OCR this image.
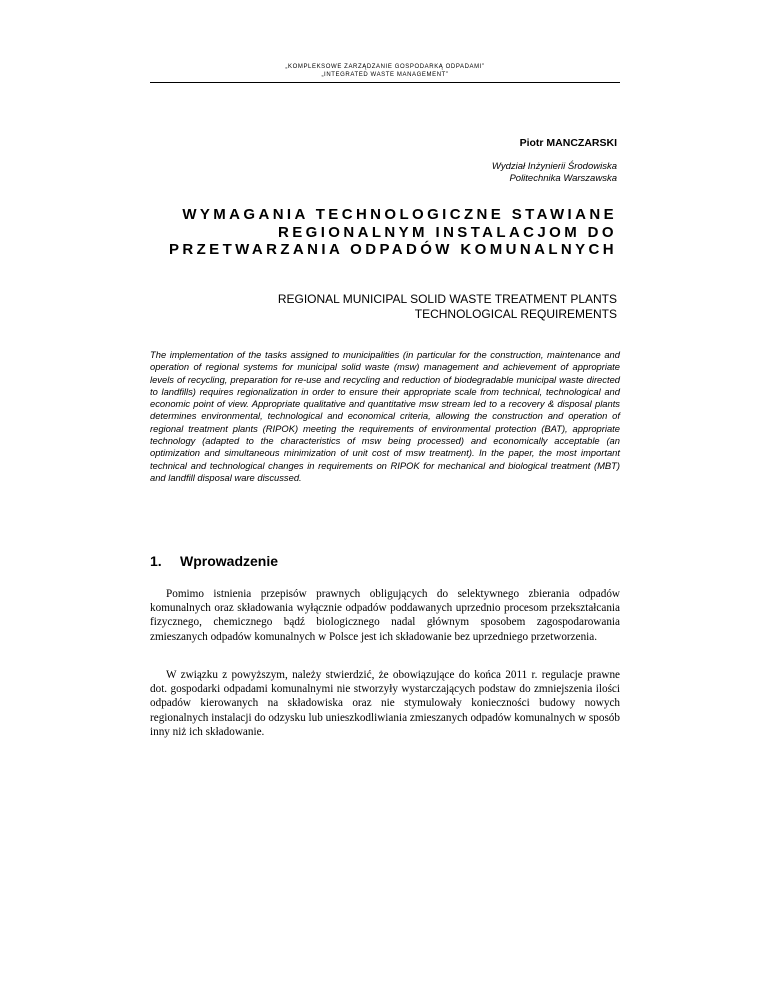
„KOMPLEKSOWE ZARZĄDZANIE GOSPODARKĄ ODPADAMI”
„INTEGRATED WASTE MANAGEMENT”
Piotr MANCZARSKI
Wydział Inżynierii Środowiska
Politechnika Warszawska
WYMAGANIA TECHNOLOGICZNE STAWIANE
REGIONALNYM INSTALACJOM DO
PRZETWARZANIA ODPADÓW KOMUNALNYCH
REGIONAL MUNICIPAL SOLID WASTE TREATMENT PLANTS
TECHNOLOGICAL REQUIREMENTS
The implementation of the tasks assigned to municipalities (in particular for the construction, maintenance and operation of regional systems for municipal solid waste (msw) management and achievement of appropriate levels of recycling, preparation for re-use and recycling and reduction of biodegradable municipal waste directed to landfills) requires regionalization in order to ensure their appropriate scale from technical, technological and economic point of view. Appropriate qualitative and quantitative msw stream led to a recovery & disposal plants determines environmental, technological and economical criteria, allowing the construction and operation of regional treatment plants (RIPOK) meeting the requirements of environmental protection (BAT), appropriate technology (adapted to the characteristics of msw being processed) and economically acceptable (an optimization and simultaneous minimization of unit cost of msw treatment). In the paper, the most important technical and technological changes in requirements on RIPOK for mechanical and biological treatment (MBT) and landfill disposal ware discussed.
1. Wprowadzenie

Pomimo istnienia przepisów prawnych obligujących do selektywnego zbierania odpadów komunalnych oraz składowania wyłącznie odpadów poddawanych uprzednio procesom przekształcania fizycznego, chemicznego bądź biologicznego nadal głównym sposobem zagospodarowania zmieszanych odpadów komunalnych w Polsce jest ich składowanie bez uprzedniego przetworzenia.

W związku z powyższym, należy stwierdzić, że obowiązujące do końca 2011 r. regulacje prawne dot. gospodarki odpadami komunalnymi nie stworzyły wystarczających podstaw do zmniejszenia ilości odpadów kierowanych na składowiska oraz nie stymulowały konieczności budowy nowych regionalnych instalacji do odzysku lub unieszkodliwiania zmieszanych odpadów komunalnych w sposób inny niż ich składowanie.
